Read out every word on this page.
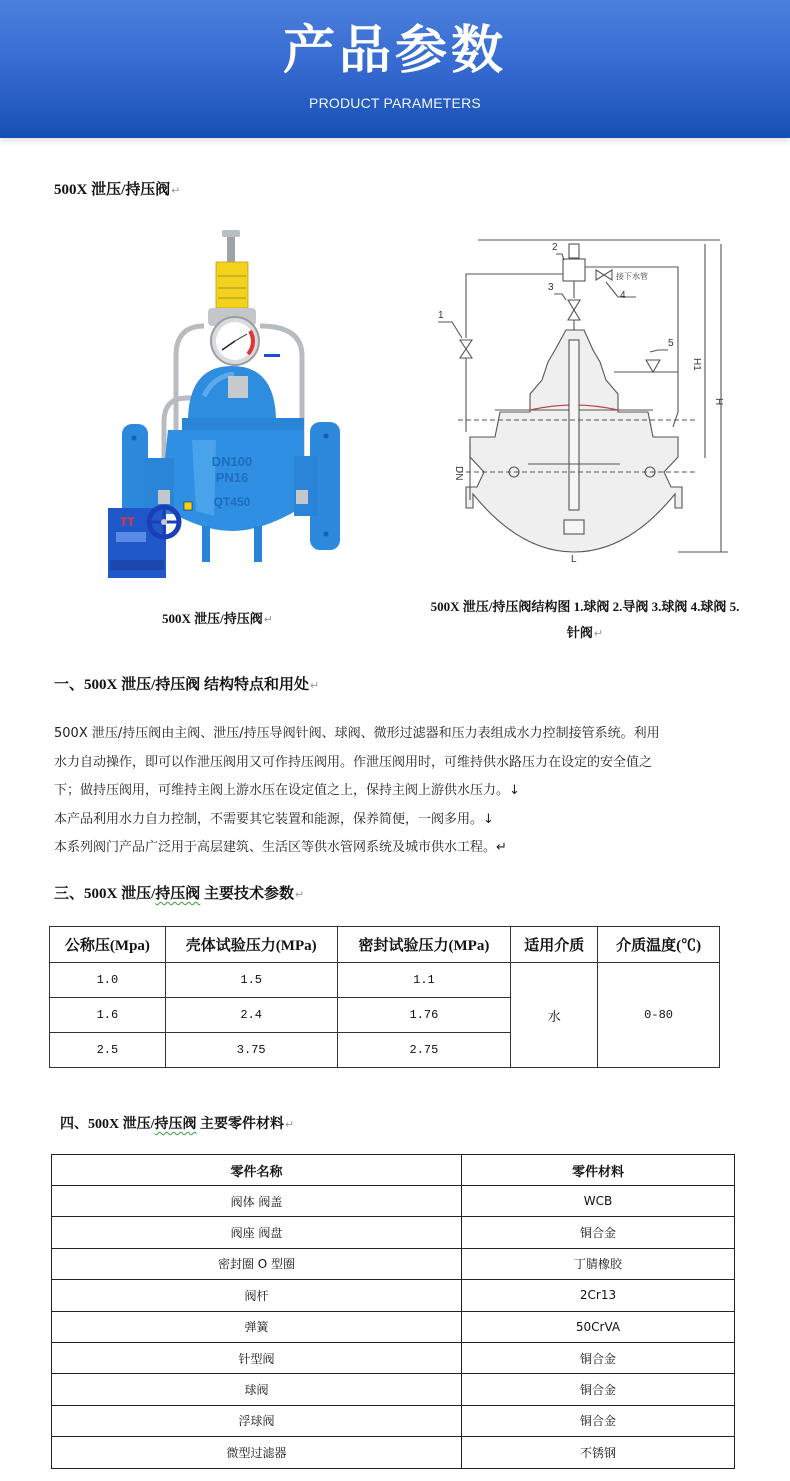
产品参数
PRODUCT PARAMETERS
500X 泄压/持压阀↵
DN100
PN16
QT450
TT
2
3
1
4
5
接下水管
H1
H
DN
L
500X 泄压/持压阀↵
500X 泄压/持压阀结构图 1.球阀 2.导阀 3.球阀 4.球阀 5.
针阀↵
一、500X 泄压/持压阀 结构特点和用处↵

500X 泄压/持压阀由主阀、泄压/持压导阀针阀、球阀、微形过滤器和压力表组成水力控制接管系统。利用

水力自动操作，即可以作泄压阀用又可作持压阀用。作泄压阀用时，可维持供水路压力在设定的安全值之

下；做持压阀用，可维持主阀上游水压在设定值之上，保持主阀上游供水压力。↓

本产品利用水力自力控制，不需要其它装置和能源，保养简便，一阀多用。↓

本系列阀门产品广泛用于高层建筑、生活区等供水管网系统及城市供水工程。↵

三、500X 泄压/持压阀 主要技术参数↵
公称压(Mpa)	壳体试验压力(MPa)	密封试验压力(MPa)	适用介质	介质温度(℃)
1.0	1.5	1.1	水	0-80
1.6	2.4	1.76		
2.5	3.75	2.75		
四、500X 泄压/持压阀 主要零件材料↵
零件名称	零件材料
阀体 阀盖	WCB
阀座 阀盘	铜合金
密封圈 O 型圈	丁腈橡胶
阀杆	2Cr13
弹簧	50CrVA
针型阀	铜合金
球阀	铜合金
浮球阀	铜合金
微型过滤器	不锈钢
